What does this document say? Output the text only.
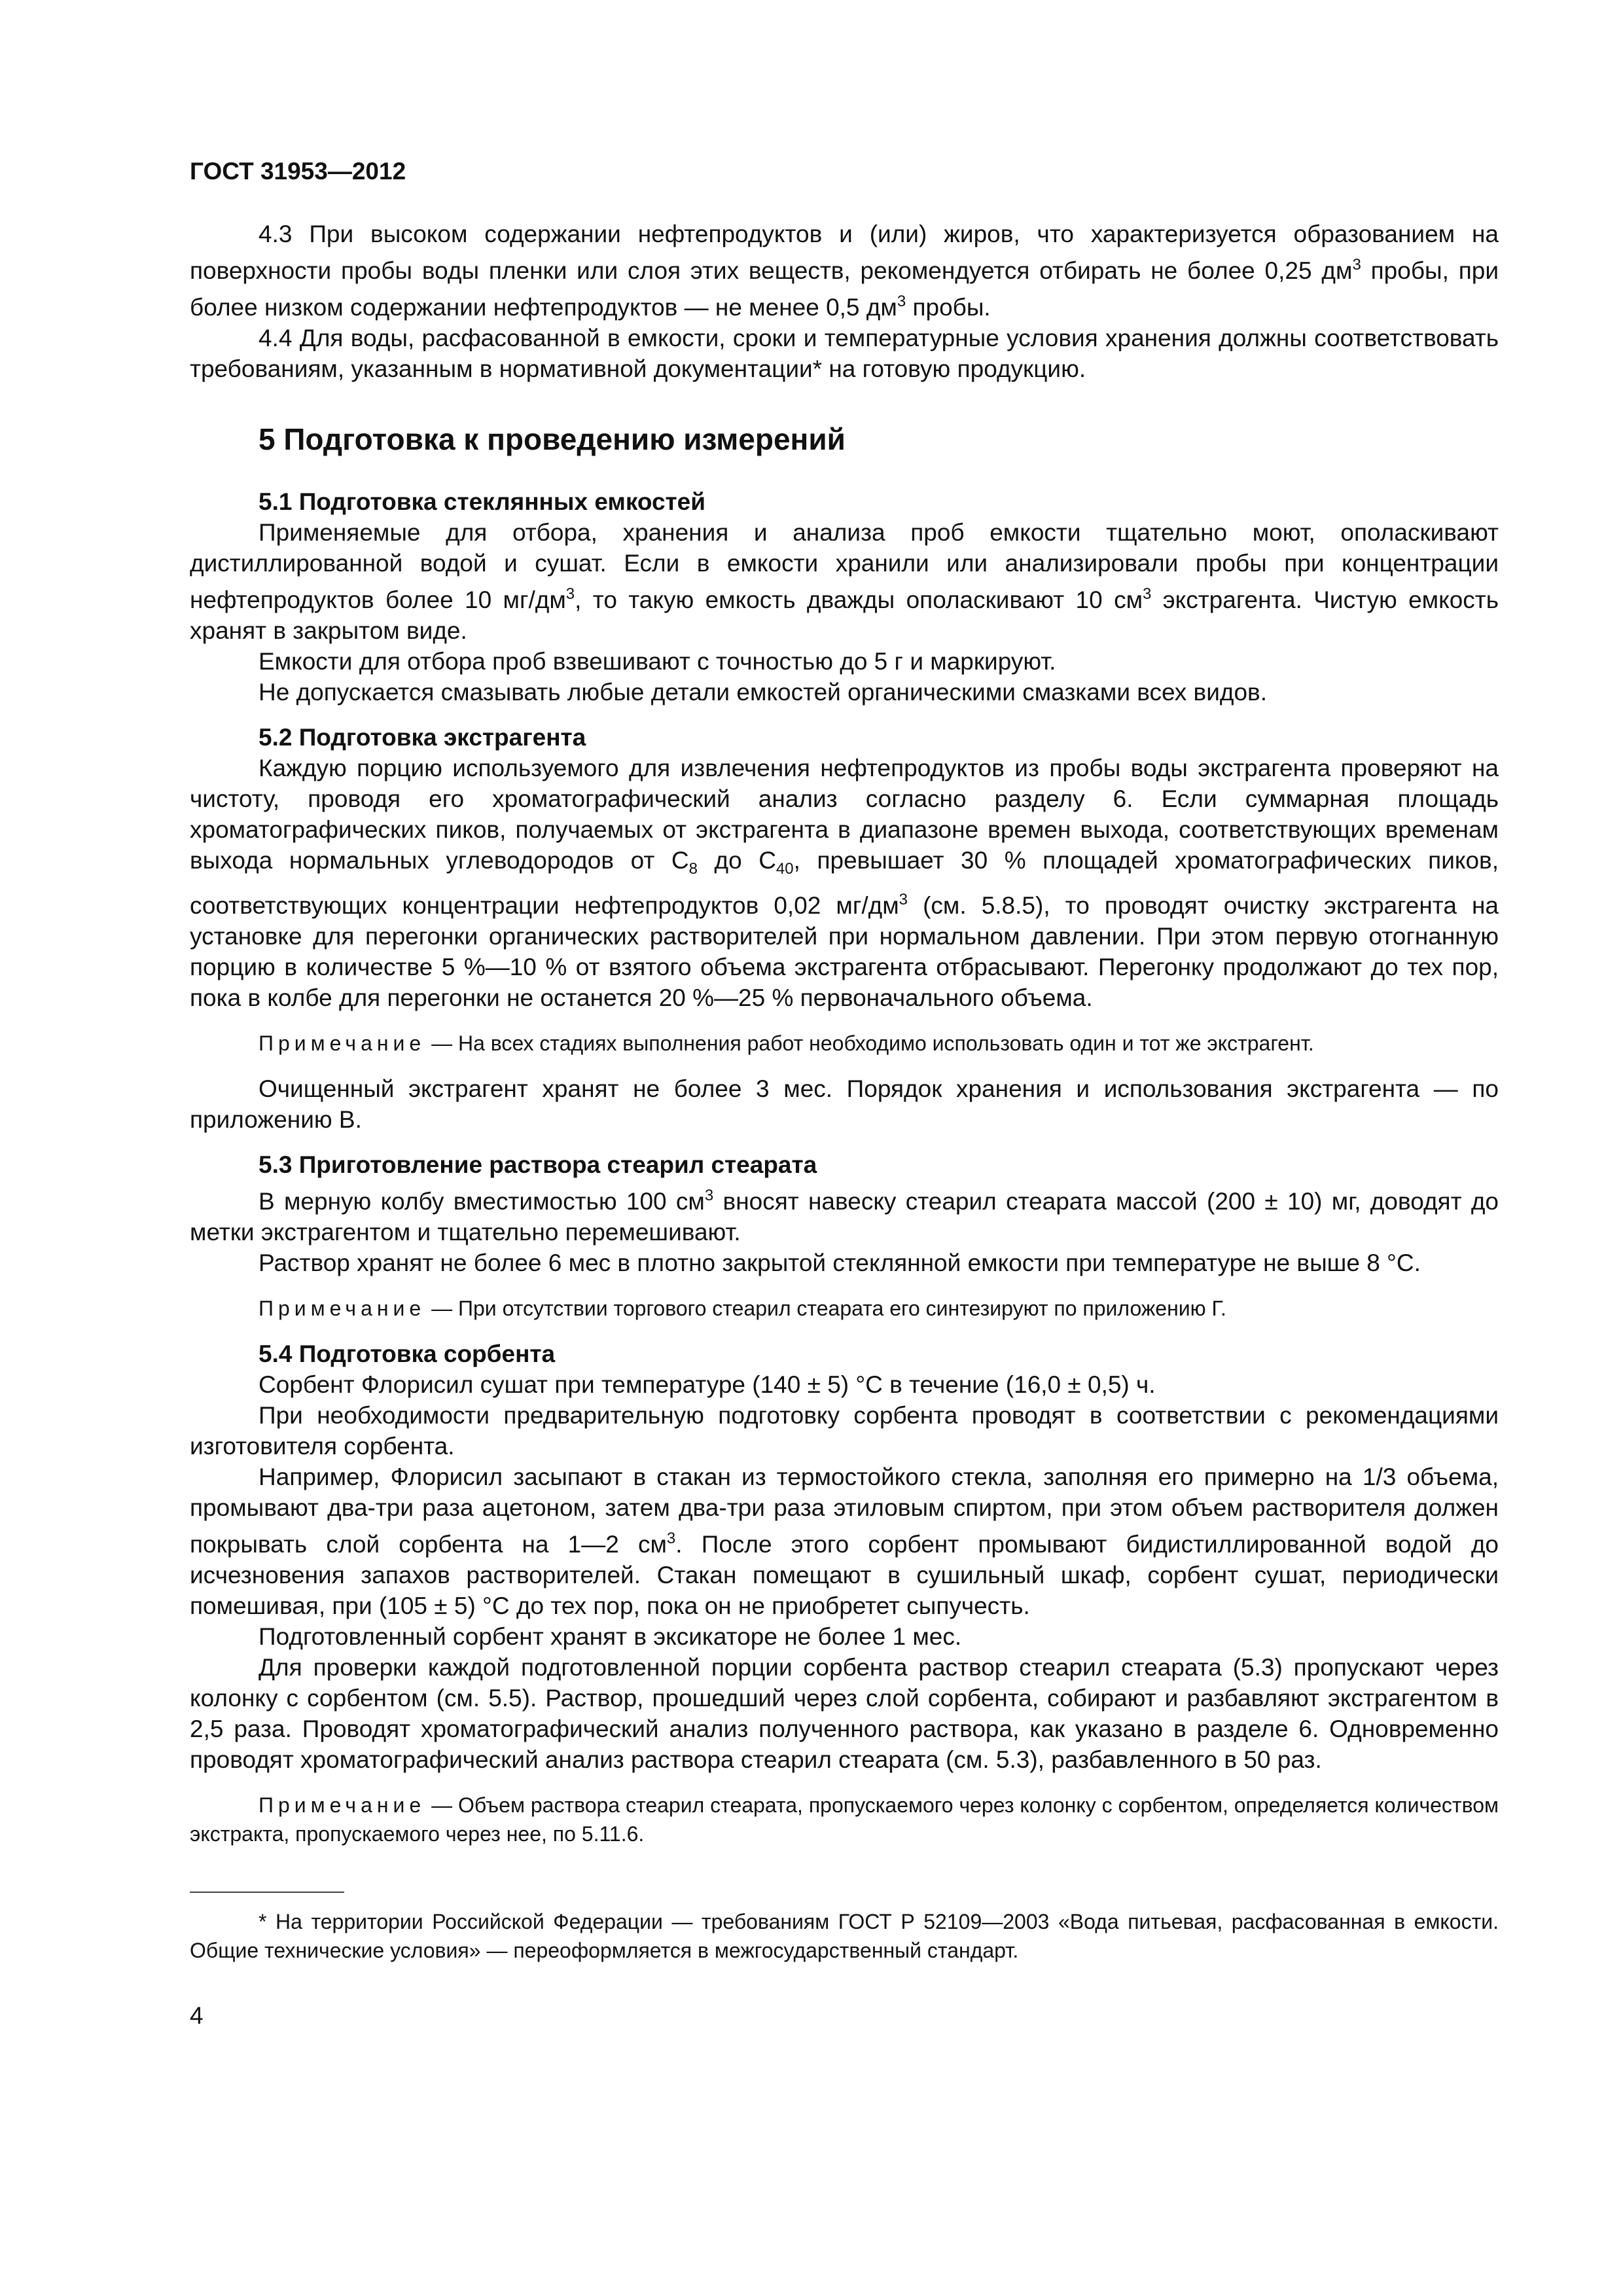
ГОСТ 31953—2012

4.3 При высоком содержании нефтепродуктов и (или) жиров, что характеризуется образованием на поверхности пробы воды пленки или слоя этих веществ, рекомендуется отбирать не более 0,25 $дм^3$ пробы, при более низком содержании нефтепродуктов — не менее 0,5 $дм^3$ пробы.

4.4 Для воды, расфасованной в емкости, сроки и температурные условия хранения должны соответствовать требованиям, указанным в нормативной документации* на готовую продукцию.

5 Подготовка к проведению измерений
5.1 Подготовка стеклянных емкостей

Применяемые для отбора, хранения и анализа проб емкости тщательно моют, ополаскивают дистиллированной водой и сушат. Если в емкости хранили или анализировали пробы при концентрации нефтепродуктов более 10 $мг/дм^3$, то такую емкость дважды ополаскивают 10 $см^3$ экстрагента. Чистую емкость хранят в закрытом виде.

Емкости для отбора проб взвешивают с точностью до 5 г и маркируют.

Не допускается смазывать любые детали емкостей органическими смазками всех видов.

5.2 Подготовка экстрагента

Каждую порцию используемого для извлечения нефтепродуктов из пробы воды экстрагента проверяют на чистоту, проводя его хроматографический анализ согласно разделу 6. Если суммарная площадь хроматографических пиков, получаемых от экстрагента в диапазоне времен выхода, соответствующих временам выхода нормальных углеводородов от $С_8$ до $С_{40}$, превышает 30 % площадей хроматографических пиков, соответствующих концентрации нефтепродуктов 0,02 $мг/дм^3$ (см. 5.8.5), то проводят очистку экстрагента на установке для перегонки органических растворителей при нормальном давлении. При этом первую отогнанную порцию в количестве 5 %—10 % от взятого объема экстрагента отбрасывают. Перегонку продолжают до тех пор, пока в колбе для перегонки не останется 20 %—25 % первоначального объема.

Примечание — На всех стадиях выполнения работ необходимо использовать один и тот же экстрагент.

Очищенный экстрагент хранят не более 3 мес. Порядок хранения и использования экстрагента — по приложению В.

5.3 Приготовление раствора стеарил стеарата

В мерную колбу вместимостью 100 $см^3$ вносят навеску стеарил стеарата массой (200 ± 10) мг, доводят до метки экстрагентом и тщательно перемешивают.

Раствор хранят не более 6 мес в плотно закрытой стеклянной емкости при температуре не выше 8 °С.

Примечание — При отсутствии торгового стеарил стеарата его синтезируют по приложению Г.

5.4 Подготовка сорбента

Сорбент Флорисил сушат при температуре (140 ± 5) °С в течение (16,0 ± 0,5) ч.

При необходимости предварительную подготовку сорбента проводят в соответствии с рекомендациями изготовителя сорбента.

Например, Флорисил засыпают в стакан из термостойкого стекла, заполняя его примерно на 1/3 объема, промывают два-три раза ацетоном, затем два-три раза этиловым спиртом, при этом объем растворителя должен покрывать слой сорбента на 1—2 $см^3$. После этого сорбент промывают бидистиллированной водой до исчезновения запахов растворителей. Стакан помещают в сушильный шкаф, сорбент сушат, периодически помешивая, при (105 ± 5) °С до тех пор, пока он не приобретет сыпучесть.

Подготовленный сорбент хранят в эксикаторе не более 1 мес.

Для проверки каждой подготовленной порции сорбента раствор стеарил стеарата (5.3) пропускают через колонку с сорбентом (см. 5.5). Раствор, прошедший через слой сорбента, собирают и разбавляют экстрагентом в 2,5 раза. Проводят хроматографический анализ полученного раствора, как указано в разделе 6. Одновременно проводят хроматографический анализ раствора стеарил стеарата (см. 5.3), разбавленного в 50 раз.

Примечание — Объем раствора стеарил стеарата, пропускаемого через колонку с сорбентом, определяется количеством экстракта, пропускаемого через нее, по 5.11.6.

* На территории Российской Федерации — требованиям ГОСТ Р 52109—2003 «Вода питьевая, расфасованная в емкости. Общие технические условия» — переоформляется в межгосударственный стандарт.

4
